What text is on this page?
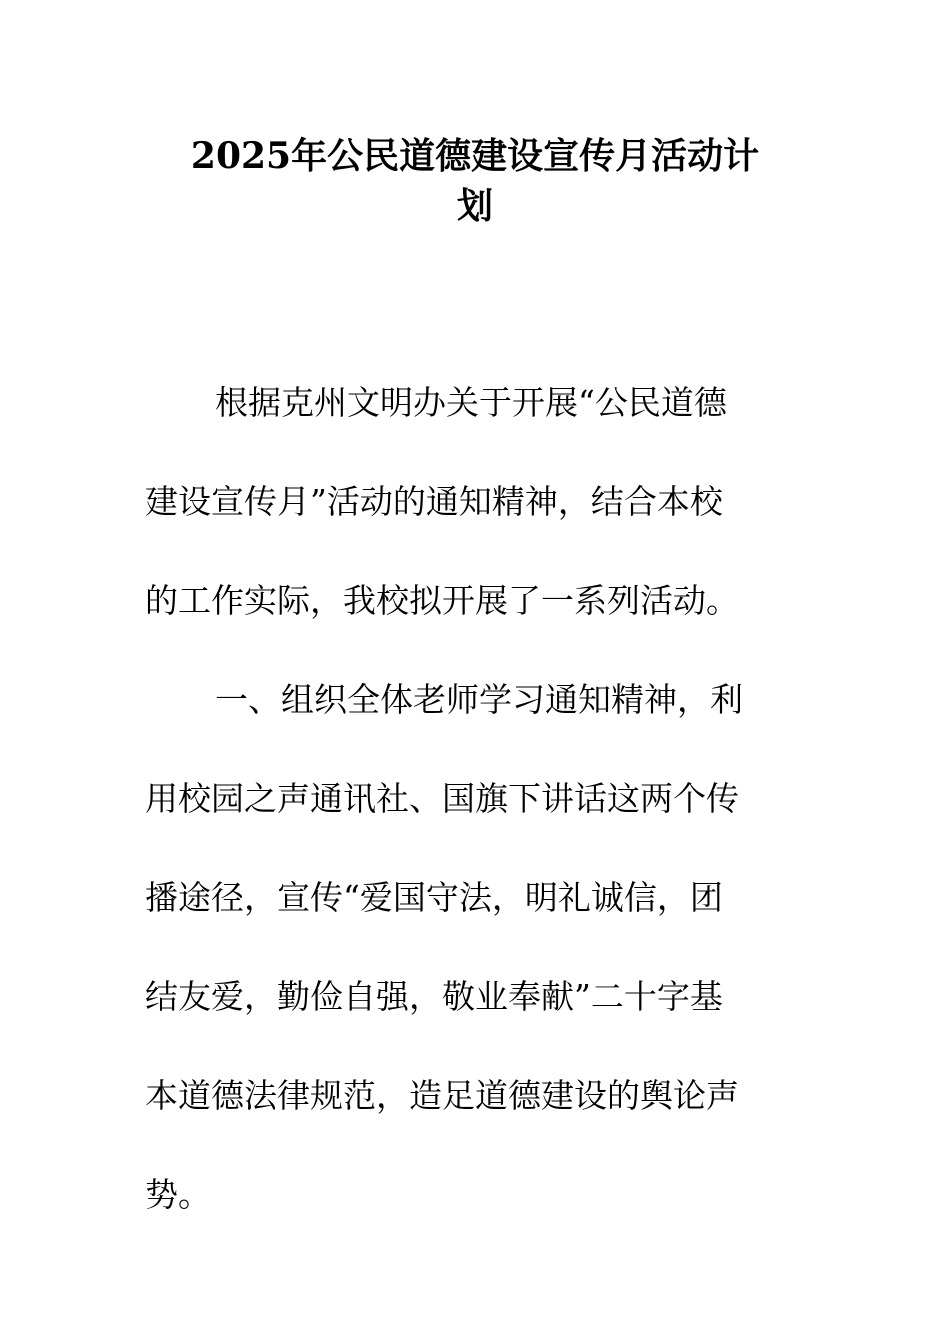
2025年公民道德建设宣传月活动计
划
根据克州文明办关于开展“公民道德
建设宣传月”活动的通知精神，结合本校
的工作实际，我校拟开展了一系列活动。
一、组织全体老师学习通知精神，利
用校园之声通讯社、国旗下讲话这两个传
播途径，宣传“爱国守法，明礼诚信，团
结友爱，勤俭自强，敬业奉献”二十字基
本道德法律规范，造足道德建设的舆论声
势。
